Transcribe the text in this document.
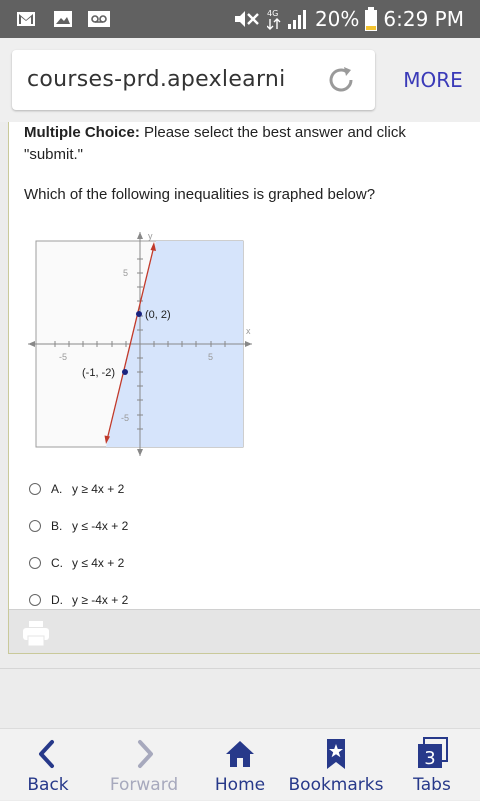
4G 20% 6:29 PM
courses-prd.apexlearni	MORE
Multiple Choice: Please select the best answer and click "submit."
Which of the following inequalities is graphed below?
x
y
5
-5
5
-5
(0, 2)
(-1, -2)
A. y ≥ 4x + 2
B. y ≤ -4x + 2
C. y ≤ 4x + 2
D. y ≥ -4x + 2
Back	Forward	Home	Bookmarks
3
Tabs
